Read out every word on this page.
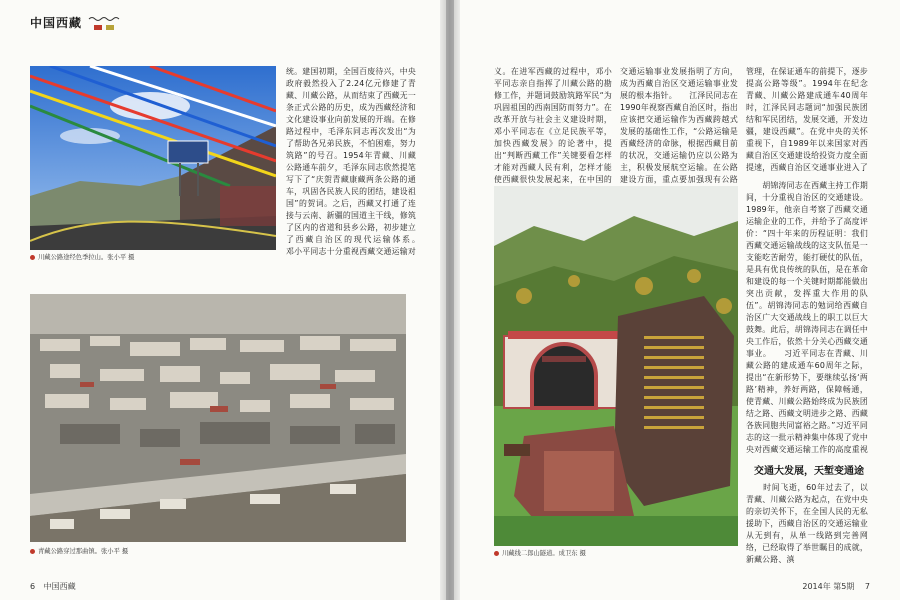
中国西藏
川藏公路途经色季拉山。张小平 摄
统。建国初期，全国百废待兴，中央政府毅然投入了2.24亿元修建了青藏、川藏公路，从而结束了西藏无一条正式公路的历史，成为西藏经济和文化建设事业向前发展的开端。在修路过程中，毛泽东同志再次发出“为了帮助各兄弟民族，不怕困难，努力筑路”的号召。1954年青藏、川藏公路通车前夕，毛泽东同志欣然提笔写下了“庆贺青藏康藏两条公路的通车，巩固各民族人民的团结，建设祖国”的贺词。之后，西藏又打通了连接与云南、新疆的国道主干线，修筑了区内的省道和县乡公路，初步建立了西藏自治区的现代运输体系。　　邓小平同志十分重视西藏交通运输对
青藏公路穿过那曲镇。张小平 摄
6 中国西藏
义。在进军西藏的过程中，邓小平同志亲自指挥了川藏公路的勘修工作，并题词鼓励筑路军民“为巩固祖国的西南国防而努力”。在改革开放与社会主义建设时期，邓小平同志在《立足民族平等，加快西藏发展》的论著中，提出“判断西藏工作”关键要看怎样才能对西藏人民有利，怎样才能使西藏很快发展起来，在中国的
交通运输事业发展指明了方向，成为西藏自治区交通运输事业发展的根本指针。　　江泽民同志在1990年视察西藏自治区时，指出应该把交通运输作为西藏跨越式发展的基础性工作，“公路运输是西藏经济的命脉，根据西藏目前的状况，交通运输仍应以公路为主，积极发展航空运输。在公路建设方面，重点要加强现有公路
川藏线二郎山隧道。成卫东 摄
管理，在保证通车的前提下，逐步提高公路等级”。1994年在纪念青藏、川藏公路建成通车40周年时，江泽民同志题词“加强民族团结和军民团结，发展交通，开发边疆，建设西藏”。在党中央的关怀重视下，自1989年以来国家对西藏自治区交通建设给投资力度全面提速，西藏自治区交通事业进入了
　　胡锦涛同志在西藏主持工作期间，十分重视自治区的交通建设。1989年，他亲自考察了西藏交通运输企业的工作，并给予了高度评价：“四十年来的历程证明：我们西藏交通运输战线的这支队伍是一支能吃苦耐劳，能打硬仗的队伍，是具有优良传统的队伍，是在革命和建设的每一个关键时期都能做出突出贡献，发挥重大作用的队伍”。胡锦涛同志的勉词给西藏自治区广大交通战线上的职工以巨大鼓舞。此后，胡锦涛同志在调任中央工作后，依然十分关心西藏交通事业。　　习近平同志在青藏、川藏公路的建成通车60周年之际，提出“在新形势下，要继续弘扬‘两路’精神，养好两路，保障畅通，使青藏、川藏公路始终成为民族团结之路、西藏文明进步之路、西藏各族同胞共同富裕之路。”习近平同志的这一批示精神集中体现了党中央对西藏交通运输工作的高度重视
交通大发展，天堑变通途
　　时间飞逝，60年过去了，以青藏、川藏公路为起点，在党中央的亲切关怀下，在全国人民的无私援助下，西藏自治区的交通运输业从无到有，从单一线路到完善网络，已经取得了举世瞩目的成就，新藏公路、滇
2014年 第5期 7
